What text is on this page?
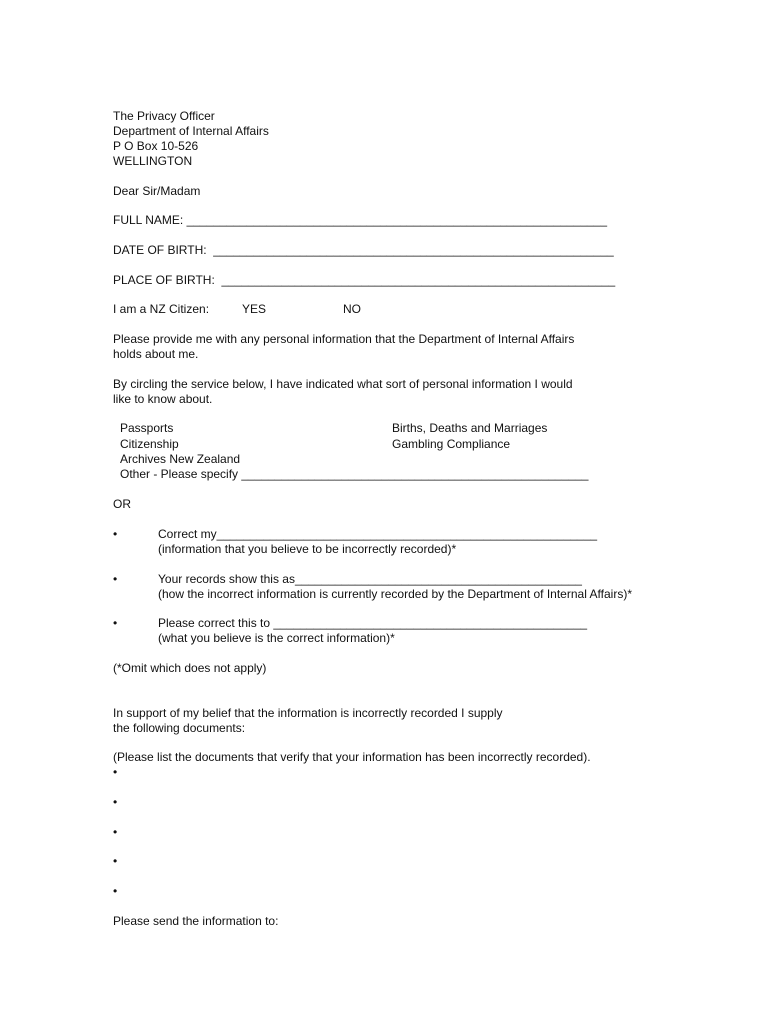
The Privacy Officer
Department of Internal Affairs
P O Box 10-526
WELLINGTON
Dear Sir/Madam
FULL NAME: _______________________________________________________________
DATE OF BIRTH:  ____________________________________________________________
PLACE OF BIRTH:  ___________________________________________________________
I am a NZ Citizen:	YES	NO
Please provide me with any personal information that the Department of Internal Affairs
holds about me.
By circling the service below, I have indicated what sort of personal information I would
like to know about.
Passports	Births, Deaths and Marriages
Citizenship	Gambling Compliance
Archives New Zealand
Other - Please specify ____________________________________________________
OR
•	Correct my_________________________________________________________
(information that you believe to be incorrectly recorded)*
•	Your records show this as___________________________________________
(how the incorrect information is currently recorded by the Department of Internal Affairs)*
•	Please correct this to _______________________________________________
(what you believe is the correct information)*
(*Omit which does not apply)
In support of my belief that the information is incorrectly recorded I supply
the following documents:
(Please list the documents that verify that your information has been incorrectly recorded).
•
•
•
•
•
Please send the information to:
